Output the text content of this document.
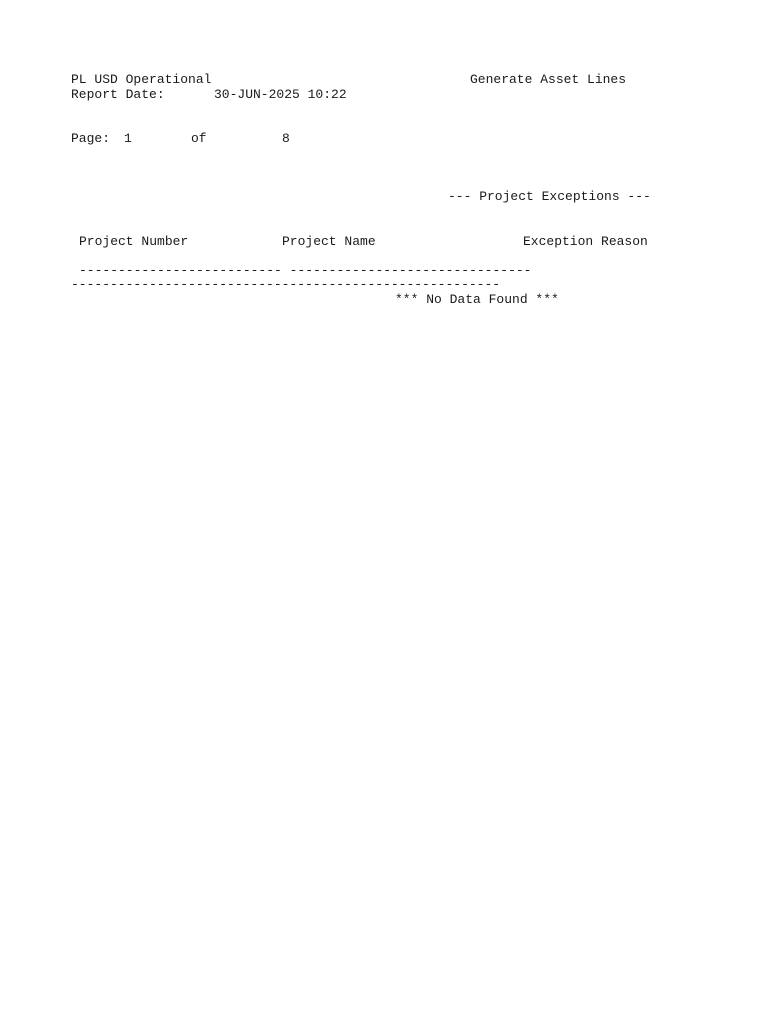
PL USD Operational	Generate Asset Lines
Report Date:	30-JUN-2025 10:22
Page: 1	of	8
--- Project Exceptions ---
Project Number	Project Name	Exception Reason
-------------------------- -------------------------------
-------------------------------------------------------
*** No Data Found ***
